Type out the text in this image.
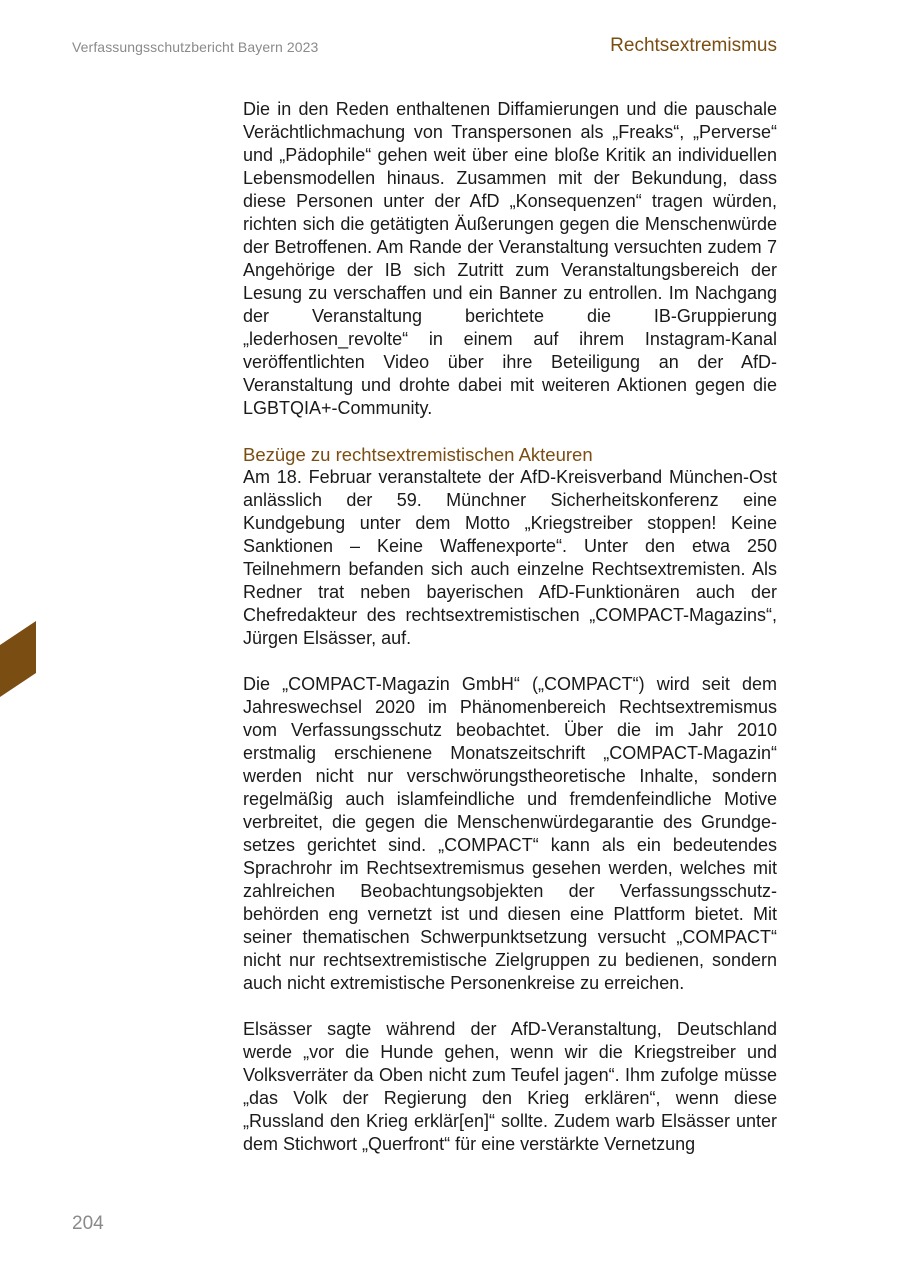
Verfassungsschutzbericht Bayern 2023	Rechtsextremismus

Die in den Reden enthaltenen Diffamierungen und die pauschale Verächtlichmachung von Transpersonen als „Freaks“, „Perverse“ und „Pädophile“ gehen weit über eine bloße Kritik an individuellen Lebensmodellen hinaus. Zusammen mit der Bekundung, dass diese Personen unter der AfD „Konsequenzen“ tragen würden, richten sich die getätigten Äußerungen gegen die Menschenwürde der Betroffenen. Am Rande der Veranstaltung versuchten zudem 7 Angehörige der IB sich Zutritt zum Veranstaltungsbereich der Lesung zu verschaffen und ein Banner zu entrollen. Im Nachgang der Veranstaltung berichtete die IB-Gruppierung „lederhosen_revolte“ in einem auf ihrem Instagram-Kanal veröffentlichten Video über ihre Beteiligung an der AfD-Veranstaltung und drohte dabei mit weiteren Aktionen gegen die LGBTQIA+-Community.

Bezüge zu rechtsextremistischen Akteuren

Am 18. Februar veranstaltete der AfD-Kreisverband München-Ost anlässlich der 59. Münchner Sicherheitskonferenz eine Kundgebung unter dem Motto „Kriegstreiber stoppen! Keine Sanktionen – Keine Waffenexporte“. Unter den etwa 250 Teilnehmern befanden sich auch einzelne Rechtsextremisten. Als Redner trat neben bayerischen AfD-Funktionären auch der Chefredakteur des rechtsextremistischen „COMPACT-Magazins“, Jürgen Elsässer, auf.

Die „COMPACT-Magazin GmbH“ („COMPACT“) wird seit dem Jahreswechsel 2020 im Phänomenbereich Rechtsextremismus vom Verfassungsschutz beobachtet. Über die im Jahr 2010 erstmalig erschienene Monatszeitschrift „COMPACT-Magazin“ werden nicht nur verschwörungstheoretische Inhalte, sondern regelmäßig auch islamfeindliche und fremdenfeindliche Motive verbreitet, die gegen die Menschenwürdegarantie des Grundgesetzes gerichtet sind. „COMPACT“ kann als ein bedeutendes Sprachrohr im Rechtsextremismus gesehen werden, welches mit zahlreichen Beobachtungsobjekten der Verfassungsschutzbehörden eng vernetzt ist und diesen eine Plattform bietet. Mit seiner thematischen Schwerpunktsetzung versucht „COMPACT“ nicht nur rechtsextremistische Zielgruppen zu bedienen, sondern auch nicht extremistische Personenkreise zu erreichen.

Elsässer sagte während der AfD-Veranstaltung, Deutschland werde „vor die Hunde gehen, wenn wir die Kriegstreiber und Volksverräter da Oben nicht zum Teufel jagen“. Ihm zufolge müsse „das Volk der Regierung den Krieg erklären“, wenn diese „Russland den Krieg erklär[en]“ sollte. Zudem warb Elsässer unter dem Stichwort „Querfront“ für eine verstärkte Vernetzung

204
